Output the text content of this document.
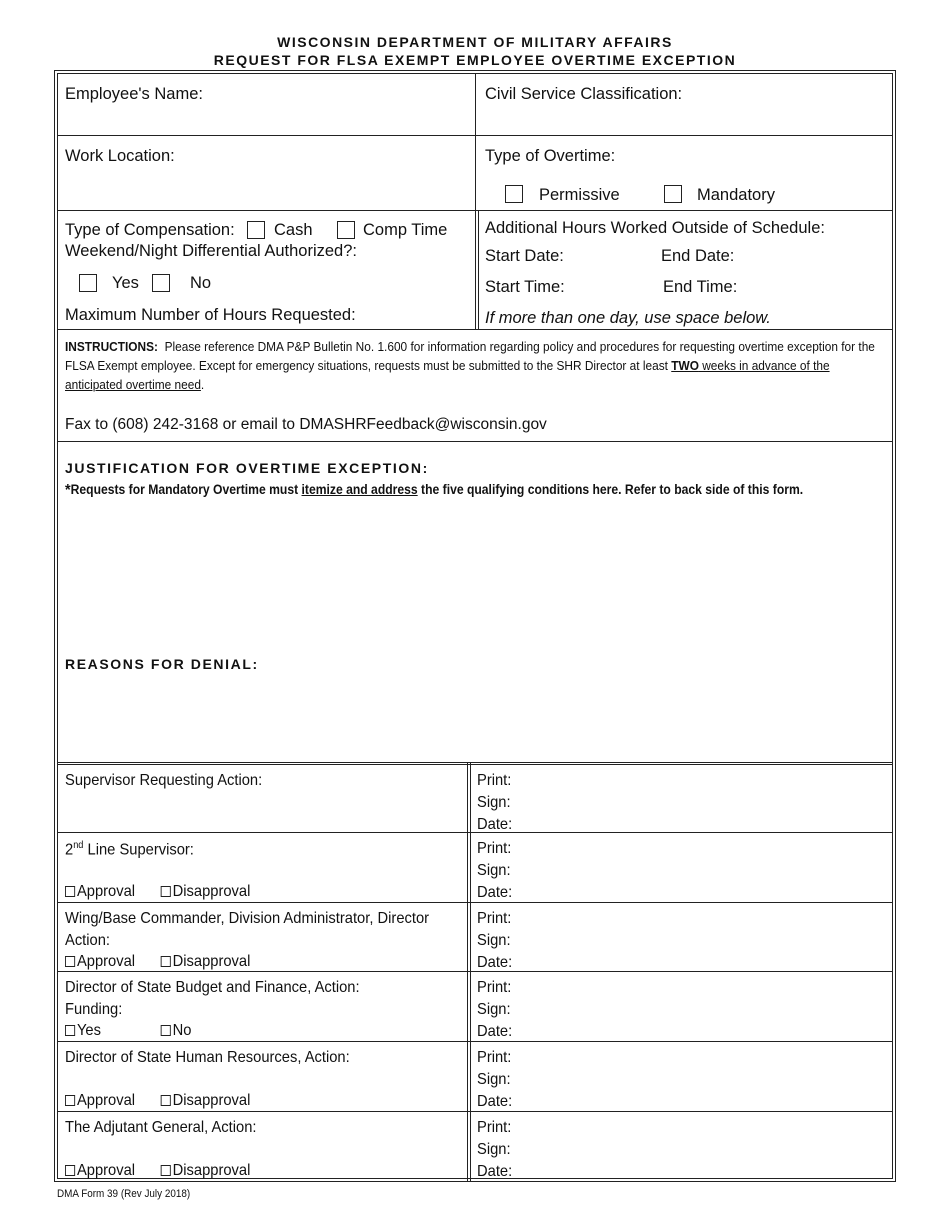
WISCONSIN DEPARTMENT OF MILITARY AFFAIRS
REQUEST FOR FLSA EXEMPT EMPLOYEE OVERTIME EXCEPTION
Employee's Name:	Civil Service Classification:
Work Location:	Type of Overtime:
Permissive	Mandatory
Type of Compensation: Cash	Comp Time
Weekend/Night Differential Authorized?:
Yes	No
Maximum Number of Hours Requested:
Additional Hours Worked Outside of Schedule:
Start Date:	End Date:
Start Time:	End Time:
If more than one day, use space below.
INSTRUCTIONS: Please reference DMA P&P Bulletin No. 1.600 for information regarding policy and procedures for requesting overtime exception for the FLSA Exempt employee. Except for emergency situations, requests must be submitted to the SHR Director at least TWO weeks in advance of the anticipated overtime need.
Fax to (608) 242-3168 or email to DMASHRFeedback@wisconsin.gov
JUSTIFICATION FOR OVERTIME EXCEPTION:
*Requests for Mandatory Overtime must itemize and address the five qualifying conditions here. Refer to back side of this form.
REASONS FOR DENIAL:
Supervisor Requesting Action:	Print:
Sign:
Date:
2nd Line Supervisor:
Approval Disapproval
Print:
Sign:
Date:
Wing/Base Commander, Division Administrator, Director
Action:
Approval Disapproval
Print:
Sign:
Date:
Director of State Budget and Finance, Action:
Funding:
Yes	No
Print:
Sign:
Date:
Director of State Human Resources, Action:
Approval Disapproval
Print:
Sign:
Date:
The Adjutant General, Action:
Approval Disapproval
Print:
Sign:
Date:
DMA Form 39 (Rev July 2018)
